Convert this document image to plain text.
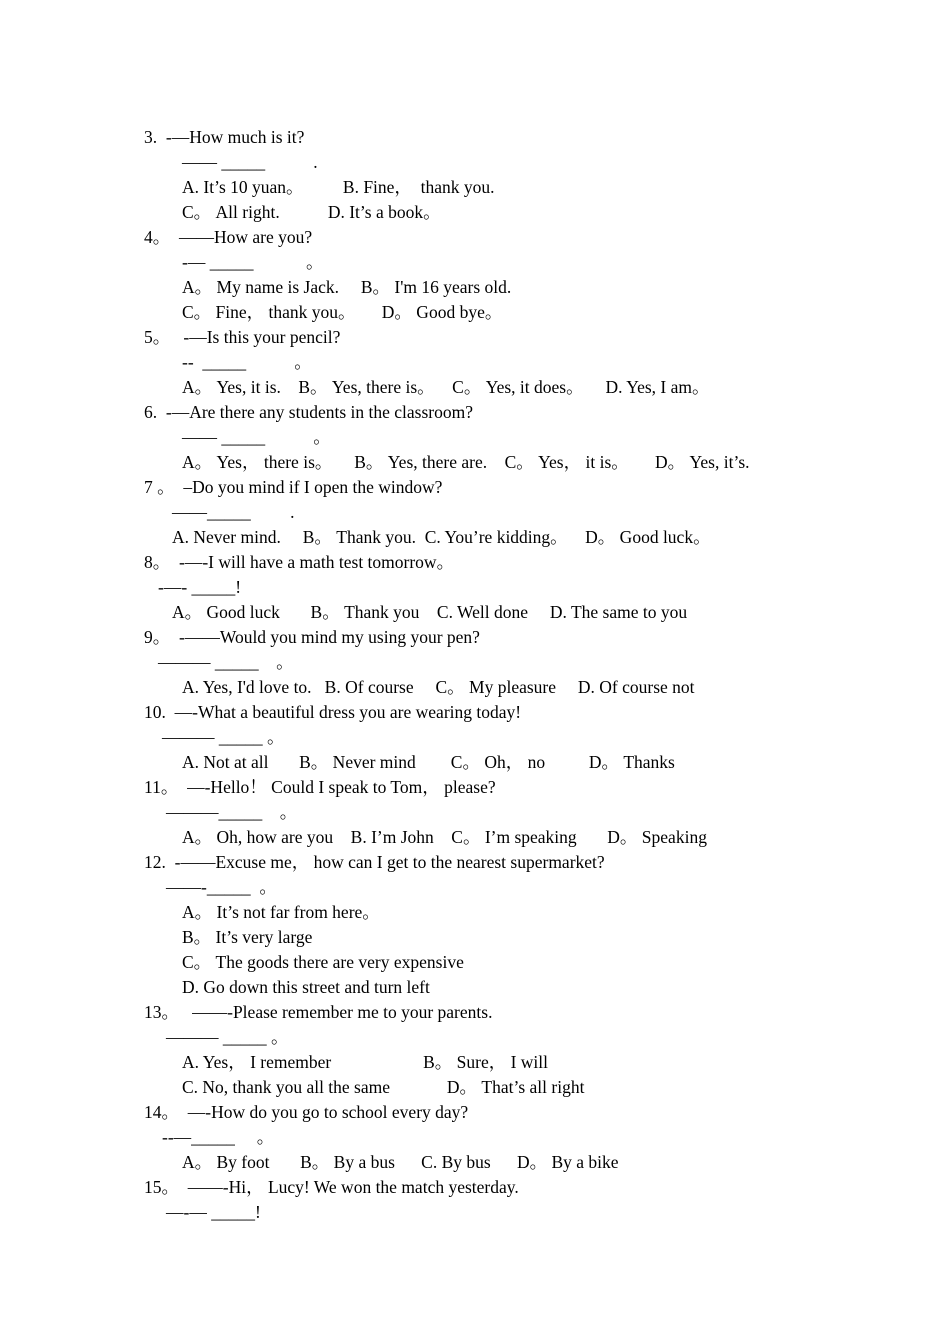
3.  -—How much is it?
—— _____           .
A. It’s 10 yuan。         B. Fine，  thank you.
C。 All right.           D. It’s a book。
4。  ——How are you?
-— _____            。
A。 My name is Jack.     B。 I'm 16 years old.
C。 Fine， thank you。      D。 Good bye。
5。   -—Is this your pencil?
--  _____           。
A。 Yes, it is.    B。 Yes, there is。    C。 Yes, it does。     D. Yes, I am。
6.  -—Are there any students in the classroom?
—— _____           。
A。 Yes， there is。     B。 Yes, there are.    C。 Yes， it is。      D。 Yes, it’s.
7 。  –Do you mind if I open the window?
——_____         .
A. Never mind.     B。 Thank you.  C. You’re kidding。    D。 Good luck。
8。  -—-I will have a math test tomorrow。
-—- _____!
A。 Good luck       B。 Thank you    C. Well done     D. The same to you
9。  -——Would you mind my using your pen?
——— _____    。
A. Yes, I'd love to.   B. Of course     C。 My pleasure     D. Of course not
10.  —-What a beautiful dress you are wearing today!
——— _____ 。
A. Not at all       B。 Never mind        C。 Oh， no          D。 Thanks
11。  —-Hello！ Could I speak to Tom， please?
———_____    。
A。 Oh, how are you    B. I’m John    C。 I’m speaking       D。 Speaking
12.  -——Excuse me， how can I get to the nearest supermarket?
——-_____  。
A。 It’s not far from here。
B。 It’s very large
C。 The goods there are very expensive
D. Go down this street and turn left
13。   ——-Please remember me to your parents.
——— _____ 。
A. Yes， I remember                     B。 Sure， I will
C. No, thank you all the same             D。 That’s all right
14。  —-How do you go to school every day?
--—_____     。
A。 By foot       B。 By a bus      C. By bus      D。 By a bike
15。  ——-Hi， Lucy! We won the match yesterday.
—-— _____!
